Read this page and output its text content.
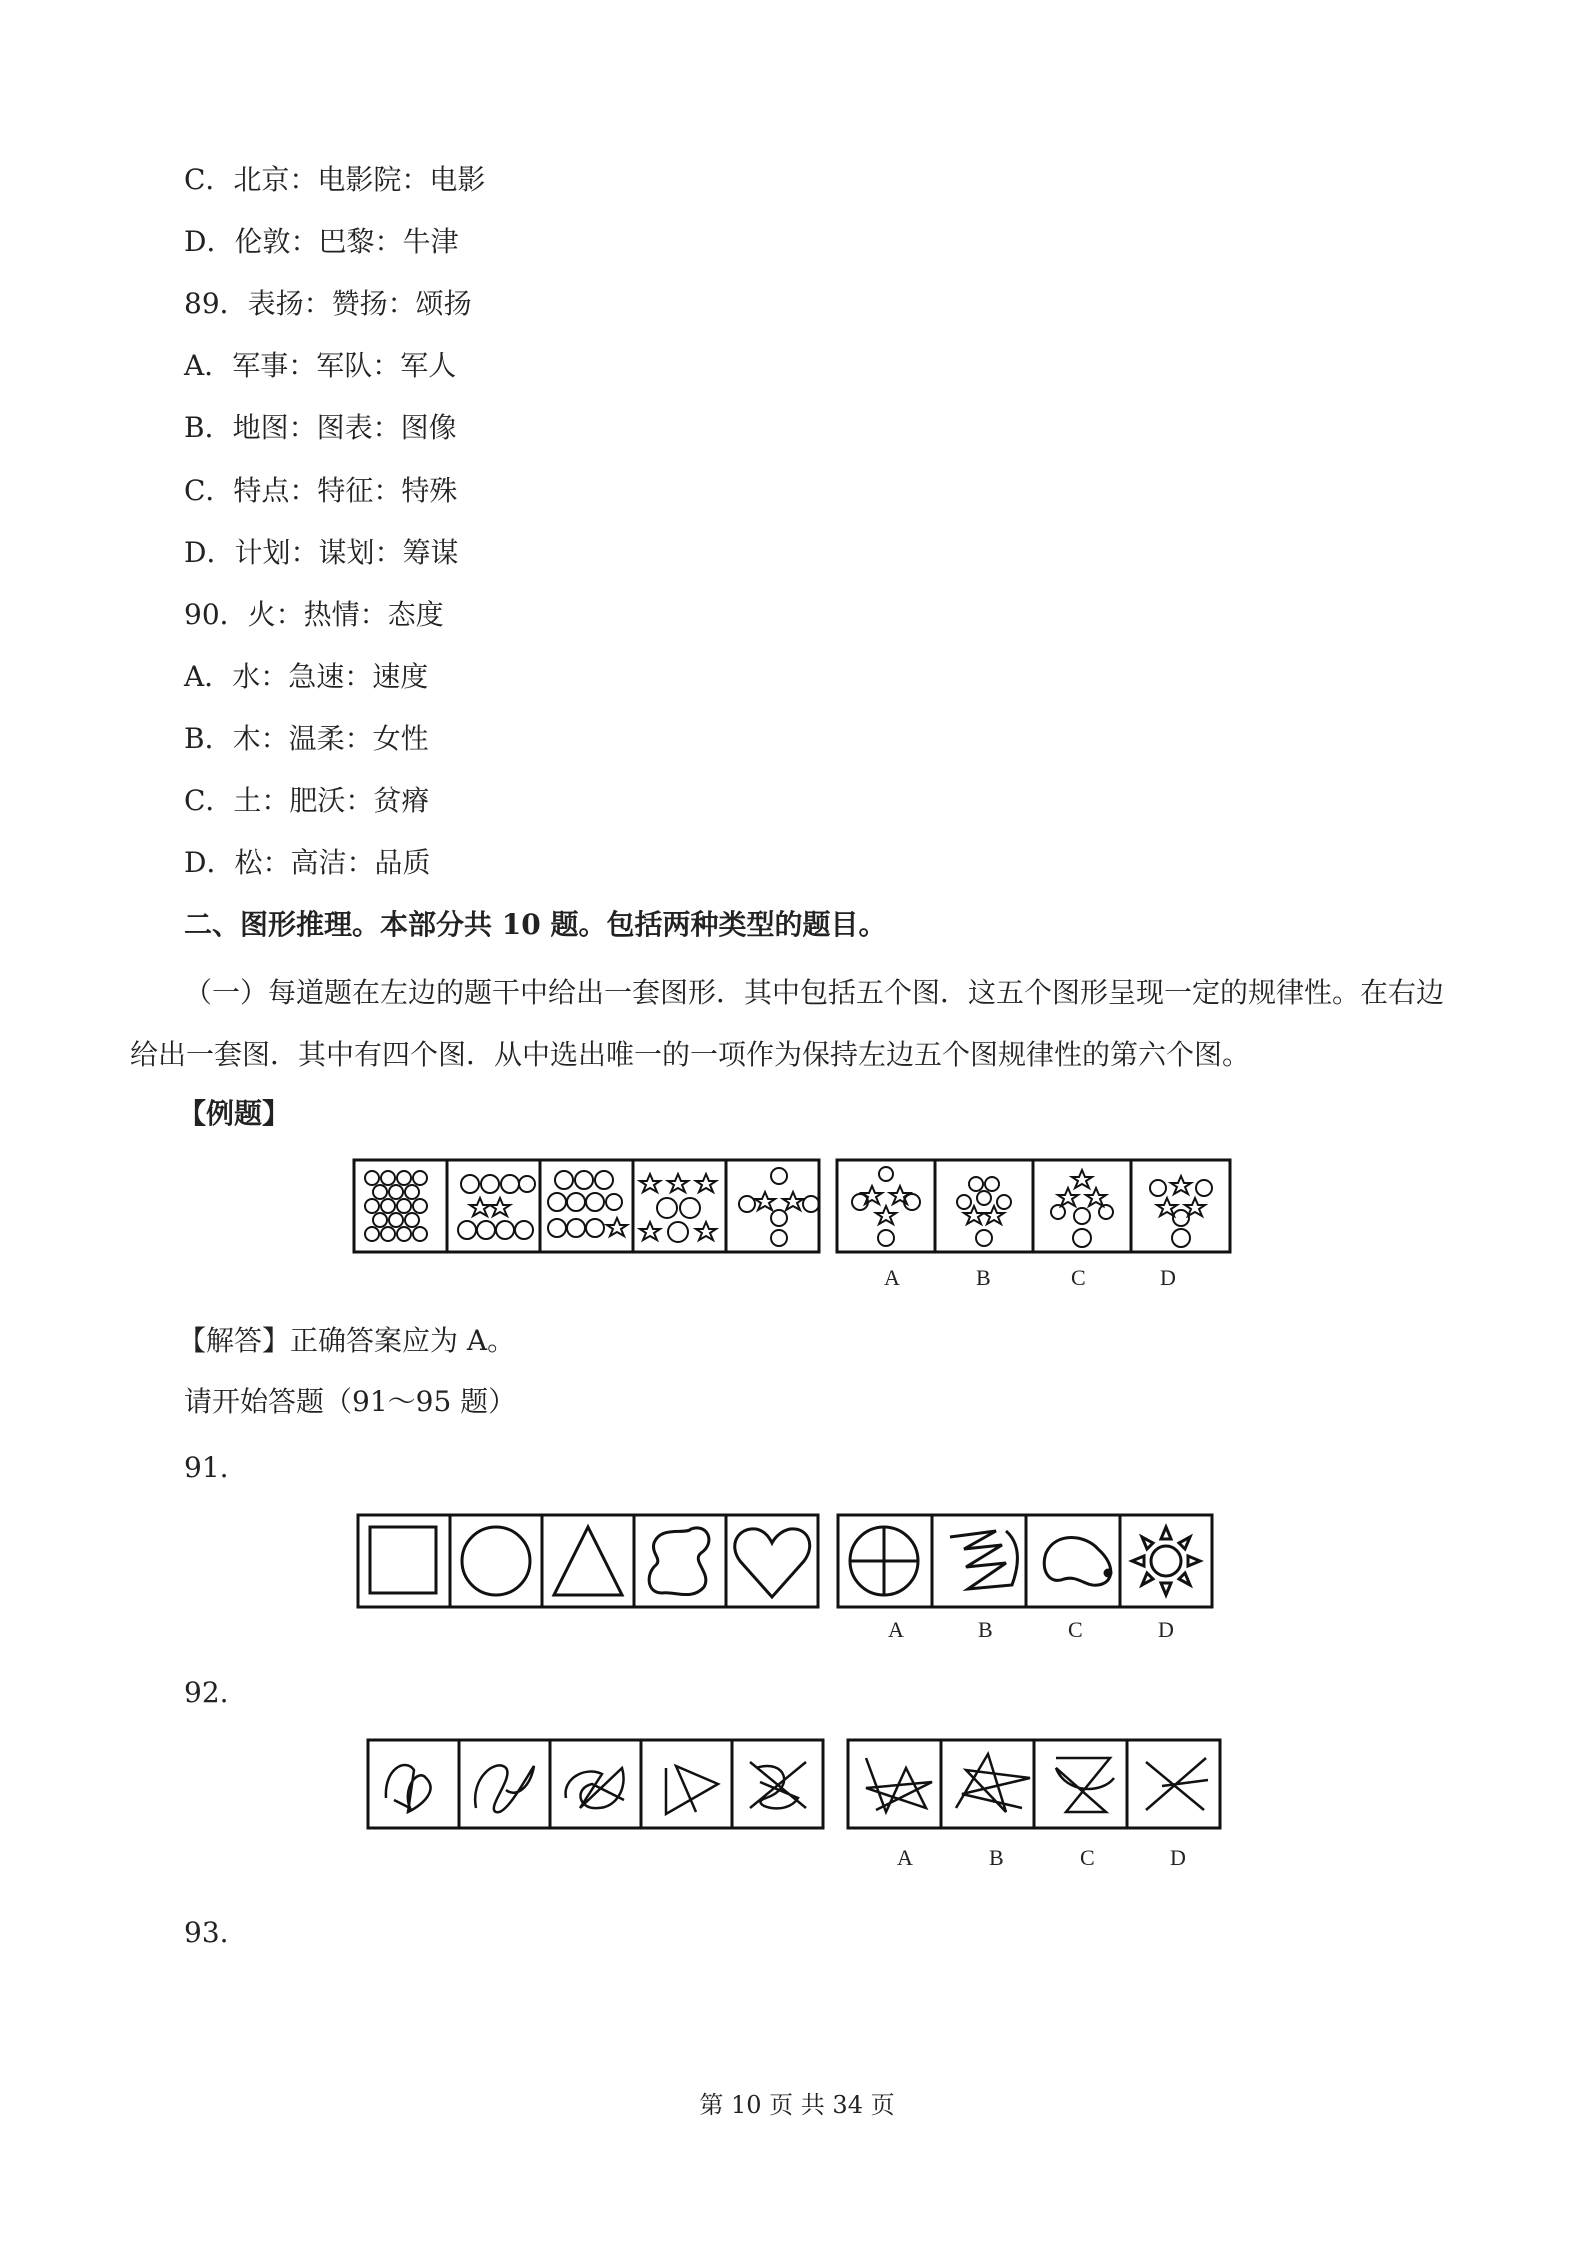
C．北京：电影院：电影
D．伦敦：巴黎：牛津
89．表扬：赞扬：颂扬
A．军事：军队：军人
B．地图：图表：图像
C．特点：特征：特殊
D．计划：谋划：筹谋
90．火：热情：态度
A．水：急速：速度
B．木：温柔：女性
C．土：肥沃：贫瘠
D．松：高洁：品质
二、图形推理。本部分共 10 题。包括两种类型的题目。
（一）每道题在左边的题干中给出一套图形．其中包括五个图．这五个图形呈现一定的规律性。在右边给出一套图．其中有四个图．从中选出唯一的一项作为保持左边五个图规律性的第六个图。
【例题】
A	B	C	D
【解答】正确答案应为 A。
请开始答题（91～95 题）
91.
A	B	C	D
92.
A	B	C	D
93.
第 10 页 共 34 页
